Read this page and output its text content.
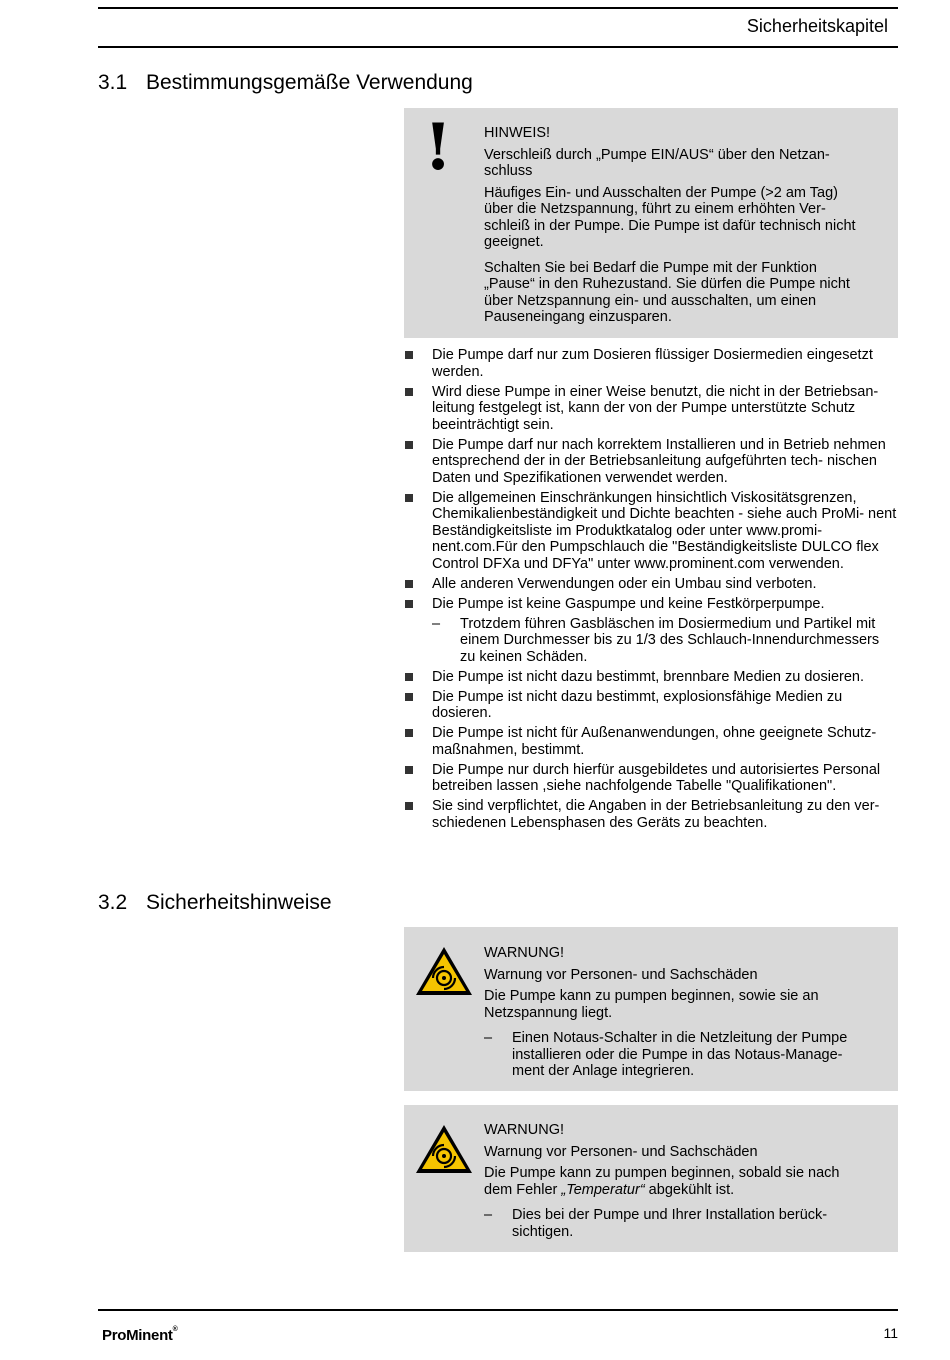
Sicherheitskapitel
3.1 Bestimmungsgemäße Verwendung
! HINWEIS!
Verschleiß durch „Pumpe EIN/AUS“ über den Netzan- schluss
Häufiges Ein- und Ausschalten der Pumpe (>2 am Tag) über die Netzspannung, führt zu einem erhöhten Ver- schleiß in der Pumpe. Die Pumpe ist dafür technisch nicht geeignet.
Schalten Sie bei Bedarf die Pumpe mit der Funktion „Pause“ in den Ruhezustand. Sie dürfen die Pumpe nicht über Netzspannung ein- und ausschalten, um einen Pauseneingang einzusparen.
Die Pumpe darf nur zum Dosieren flüssiger Dosiermedien eingesetzt werden.
Wird diese Pumpe in einer Weise benutzt, die nicht in der Betriebsan- leitung festgelegt ist, kann der von der Pumpe unterstützte Schutz beeinträchtigt sein.
Die Pumpe darf nur nach korrektem Installieren und in Betrieb nehmen entsprechend der in der Betriebsanleitung aufgeführten tech- nischen Daten und Spezifikationen verwendet werden.
Die allgemeinen Einschränkungen hinsichtlich Viskositätsgrenzen, Chemikalienbeständigkeit und Dichte beachten - siehe auch ProMi- nent Beständigkeitsliste im Produktkatalog oder unter www.promi- nent.com.Für den Pumpschlauch die "Beständigkeitsliste DULCO flex Control DFXa und DFYa" unter www.prominent.com verwenden.
Alle anderen Verwendungen oder ein Umbau sind verboten.
Die Pumpe ist keine Gaspumpe und keine Festkörperpumpe.
– Trotzdem führen Gasbläschen im Dosiermedium und Partikel mit einem Durchmesser bis zu 1/3 des Schlauch-Innendurchmessers zu keinen Schäden.
Die Pumpe ist nicht dazu bestimmt, brennbare Medien zu dosieren.
Die Pumpe ist nicht dazu bestimmt, explosionsfähige Medien zu dosieren.
Die Pumpe ist nicht für Außenanwendungen, ohne geeignete Schutz- maßnahmen, bestimmt.
Die Pumpe nur durch hierfür ausgebildetes und autorisiertes Personal betreiben lassen ,siehe nachfolgende Tabelle "Qualifikationen".
Sie sind verpflichtet, die Angaben in der Betriebsanleitung zu den ver- schiedenen Lebensphasen des Geräts zu beachten.
3.2 Sicherheitshinweise
WARNUNG!
Warnung vor Personen- und Sachschäden
Die Pumpe kann zu pumpen beginnen, sowie sie an Netzspannung liegt.
– Einen Notaus-Schalter in die Netzleitung der Pumpe installieren oder die Pumpe in das Notaus-Manage- ment der Anlage integrieren.
WARNUNG!
Warnung vor Personen- und Sachschäden
Die Pumpe kann zu pumpen beginnen, sobald sie nach dem Fehler „Temperatur“ abgekühlt ist.
– Dies bei der Pumpe und Ihrer Installation berück- sichtigen.
ProMinent®	11
